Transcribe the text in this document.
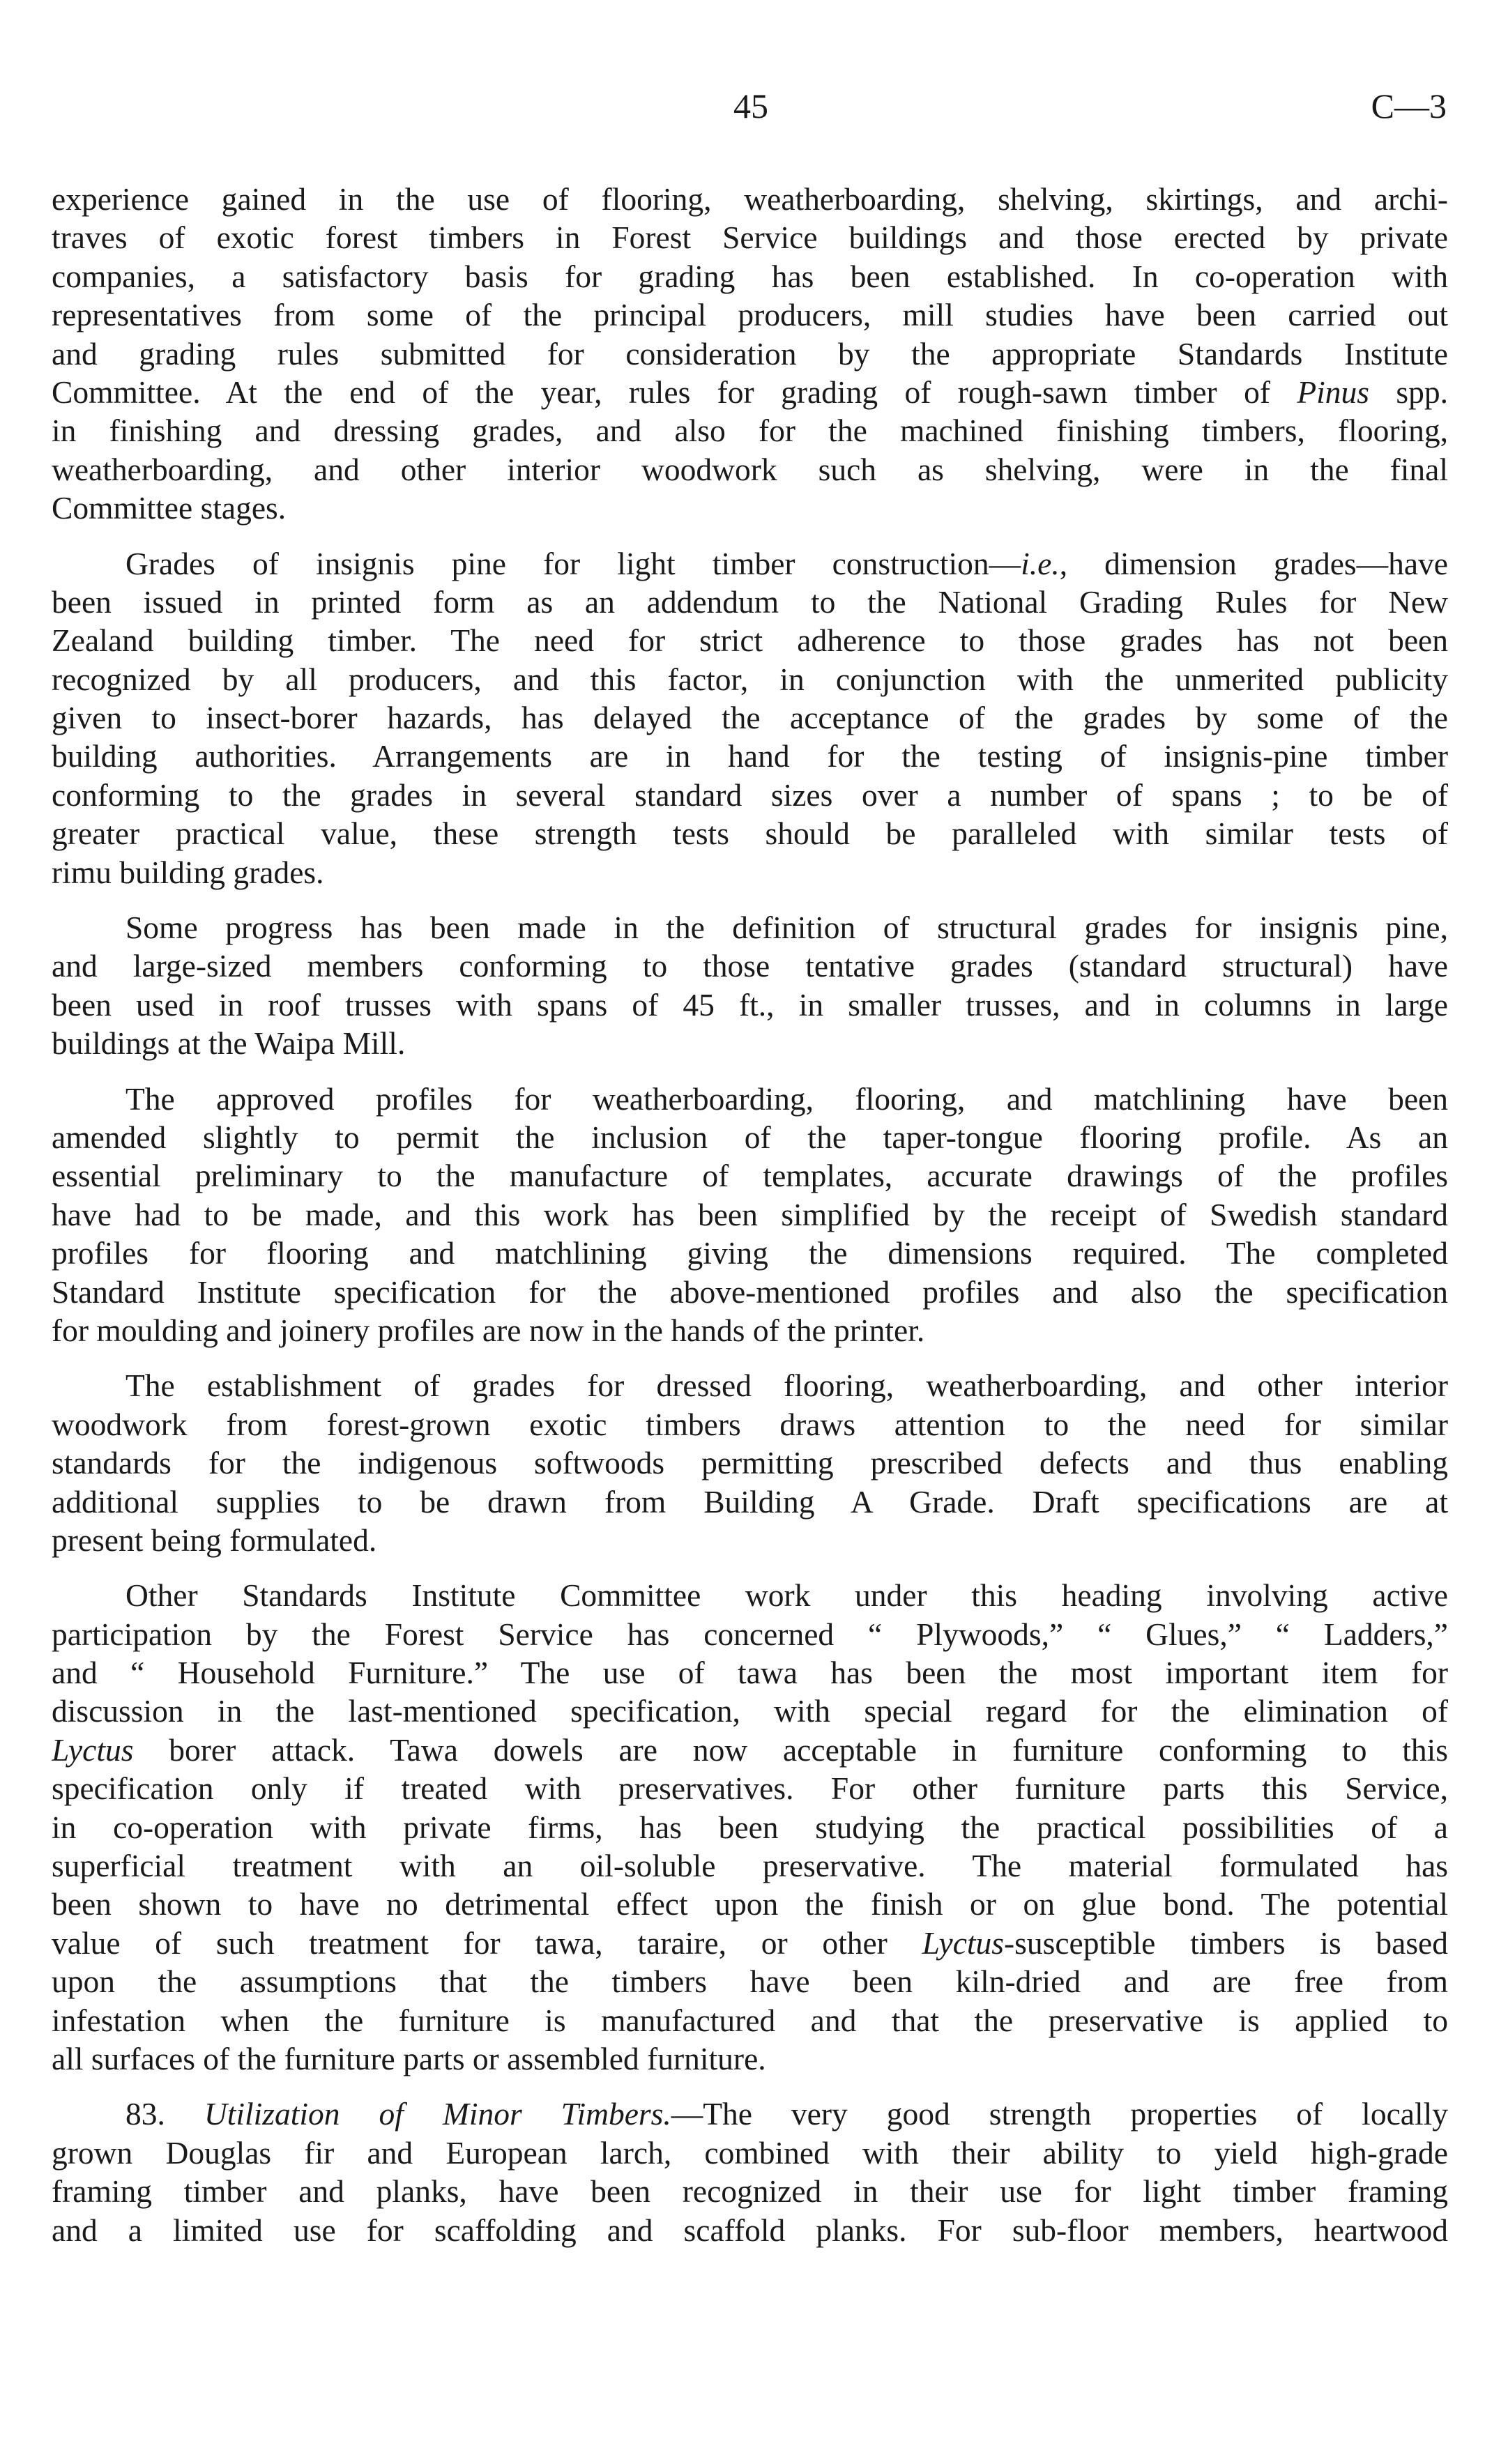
45	C—3
experience gained in the use of flooring, weatherboarding, shelving, skirtings, and archi-
traves of exotic forest timbers in Forest Service buildings and those erected by private
companies, a satisfactory basis for grading has been established. In co-operation with
representatives from some of the principal producers, mill studies have been carried out
and grading rules submitted for consideration by the appropriate Standards Institute
Committee. At the end of the year, rules for grading of rough-sawn timber of Pinus spp.
in finishing and dressing grades, and also for the machined finishing timbers, flooring,
weatherboarding, and other interior woodwork such as shelving, were in the final
Committee stages.
Grades of insignis pine for light timber construction—i.e., dimension grades—have
been issued in printed form as an addendum to the National Grading Rules for New
Zealand building timber. The need for strict adherence to those grades has not been
recognized by all producers, and this factor, in conjunction with the unmerited publicity
given to insect-borer hazards, has delayed the acceptance of the grades by some of the
building authorities. Arrangements are in hand for the testing of insignis-pine timber
conforming to the grades in several standard sizes over a number of spans ; to be of
greater practical value, these strength tests should be paralleled with similar tests of
rimu building grades.
Some progress has been made in the definition of structural grades for insignis pine,
and large-sized members conforming to those tentative grades (standard structural) have
been used in roof trusses with spans of 45 ft., in smaller trusses, and in columns in large
buildings at the Waipa Mill.
The approved profiles for weatherboarding, flooring, and matchlining have been
amended slightly to permit the inclusion of the taper-tongue flooring profile. As an
essential preliminary to the manufacture of templates, accurate drawings of the profiles
have had to be made, and this work has been simplified by the receipt of Swedish standard
profiles for flooring and matchlining giving the dimensions required. The completed
Standard Institute specification for the above-mentioned profiles and also the specification
for moulding and joinery profiles are now in the hands of the printer.
The establishment of grades for dressed flooring, weatherboarding, and other interior
woodwork from forest-grown exotic timbers draws attention to the need for similar
standards for the indigenous softwoods permitting prescribed defects and thus enabling
additional supplies to be drawn from Building A Grade. Draft specifications are at
present being formulated.
Other Standards Institute Committee work under this heading involving active
participation by the Forest Service has concerned “ Plywoods,” “ Glues,” “ Ladders,”
and “ Household Furniture.” The use of tawa has been the most important item for
discussion in the last-mentioned specification, with special regard for the elimination of
Lyctus borer attack. Tawa dowels are now acceptable in furniture conforming to this
specification only if treated with preservatives. For other furniture parts this Service,
in co-operation with private firms, has been studying the practical possibilities of a
superficial treatment with an oil-soluble preservative. The material formulated has
been shown to have no detrimental effect upon the finish or on glue bond. The potential
value of such treatment for tawa, taraire, or other Lyctus-susceptible timbers is based
upon the assumptions that the timbers have been kiln-dried and are free from
infestation when the furniture is manufactured and that the preservative is applied to
all surfaces of the furniture parts or assembled furniture.
83. Utilization of Minor Timbers.—The very good strength properties of locally
grown Douglas fir and European larch, combined with their ability to yield high-grade
framing timber and planks, have been recognized in their use for light timber framing
and a limited use for scaffolding and scaffold planks. For sub-floor members, heartwood
